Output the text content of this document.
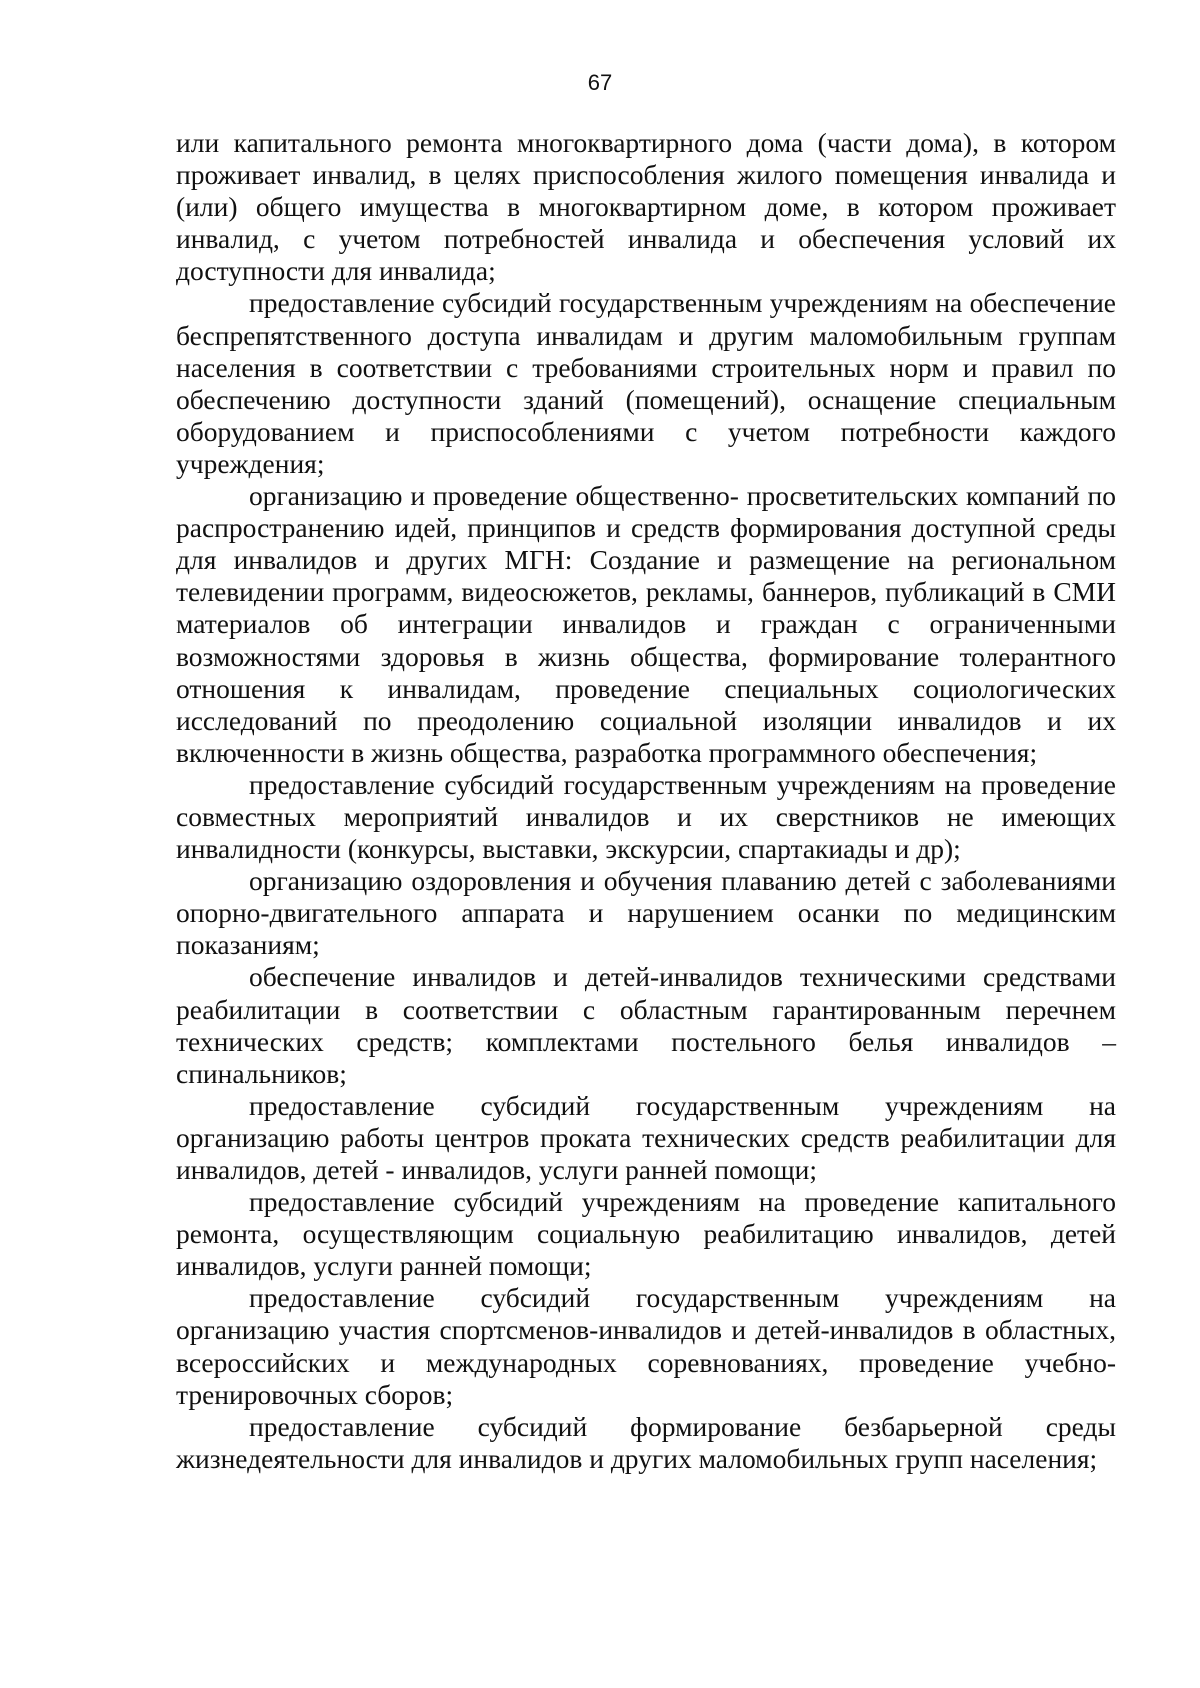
67

или капитального ремонта многоквартирного дома (части дома), в котором проживает инвалид, в целях приспособления жилого помещения инвалида и (или) общего имущества в многоквартирном доме, в котором проживает инвалид, с учетом потребностей инвалида и обеспечения условий их доступности для инвалида;

предоставление субсидий государственным учреждениям на обеспечение беспрепятственного доступа инвалидам и другим маломобильным группам населения в соответствии с требованиями строительных норм и правил по обеспечению доступности зданий (помещений), оснащение специальным оборудованием и приспособлениями с учетом потребности каждого учреждения;

организацию и проведение общественно- просветительских компаний по распространению идей, принципов и средств формирования доступной среды для инвалидов и других МГН: Создание и размещение на региональном телевидении программ, видеосюжетов, рекламы, баннеров, публикаций в СМИ материалов об интеграции инвалидов и граждан с ограниченными возможностями здоровья в жизнь общества, формирование толерантного отношения к инвалидам, проведение специальных социологических исследований по преодолению социальной изоляции инвалидов и их включенности в жизнь общества, разработка программного обеспечения;

предоставление субсидий государственным учреждениям на проведение совместных мероприятий инвалидов и их сверстников не имеющих инвалидности (конкурсы, выставки, экскурсии, спартакиады и др);

организацию оздоровления и обучения плаванию детей с заболеваниями опорно-двигательного аппарата и нарушением осанки по медицинским показаниям;

обеспечение инвалидов и детей-инвалидов техническими средствами реабилитации в соответствии с областным гарантированным перечнем технических средств; комплектами постельного белья инвалидов – спинальников;

предоставление субсидий государственным учреждениям на организацию работы центров проката технических средств реабилитации для инвалидов, детей - инвалидов, услуги ранней помощи;

предоставление субсидий учреждениям на проведение капитального ремонта, осуществляющим социальную реабилитацию инвалидов, детей инвалидов, услуги ранней помощи;

предоставление субсидий государственным учреждениям на организацию участия спортсменов-инвалидов и детей-инвалидов в областных, всероссийских и международных соревнованиях, проведение учебно-тренировочных сборов;

предоставление субсидий формирование безбарьерной среды жизнедеятельности для инвалидов и других маломобильных групп населения;
